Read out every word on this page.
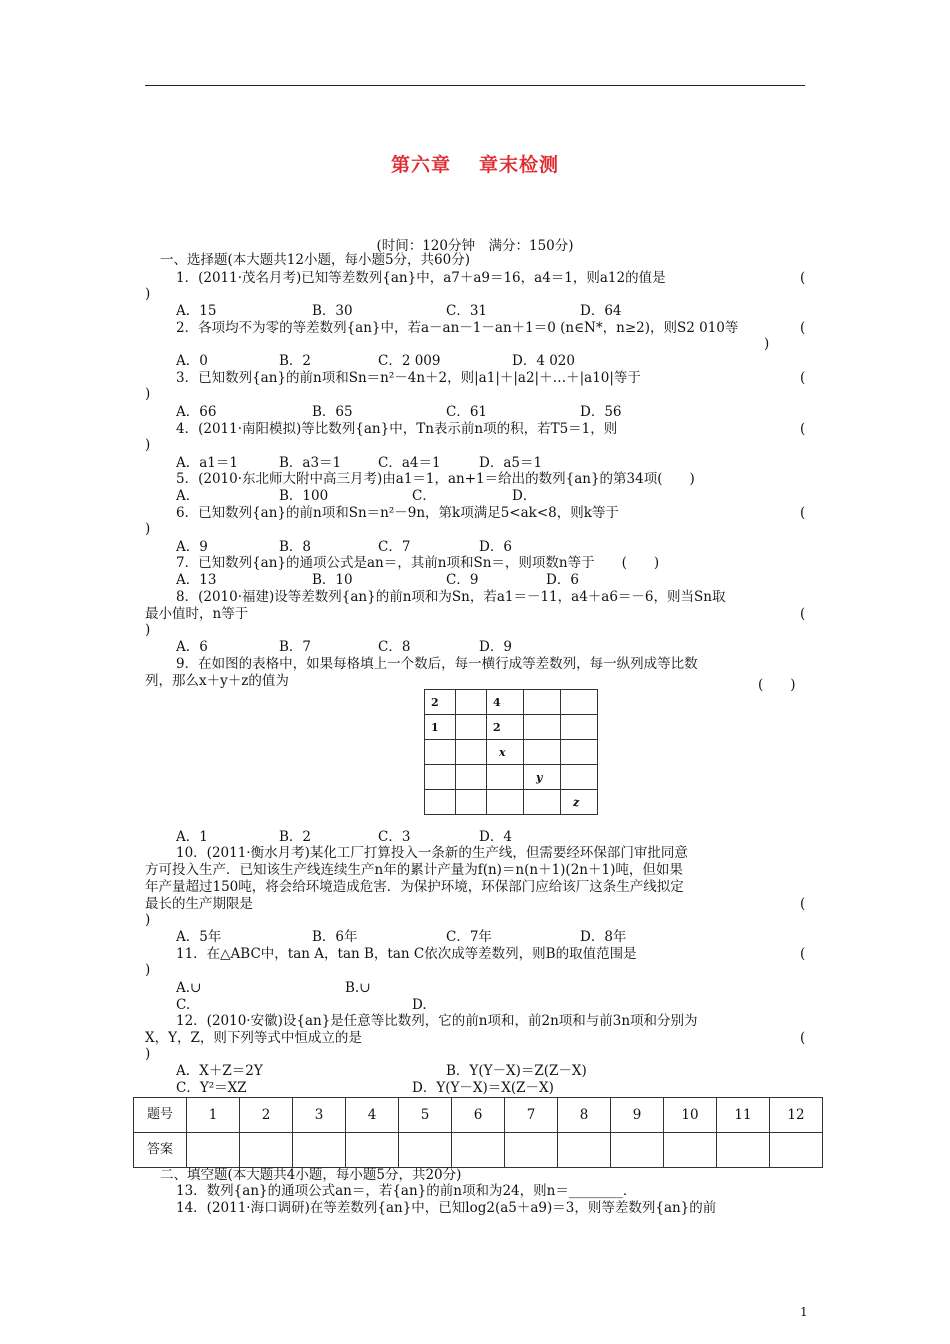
第六章 章末检测
(时间：120分钟　满分：150分)
一、选择题(本大题共12小题，每小题5分，共60分)
1．(2011·茂名月考)已知等差数列{an}中，a7＋a9＝16，a4＝1，则a12的值是	(
)
A．15	B．30	C．31	D．64
2．各项均不为零的等差数列{an}中，若a－an－1－an＋1＝0 (n∈N*，n≥2)，则S2 010等	(
)
A．0	B．2	C．2 009	D．4 020
3．已知数列{an}的前n项和Sn＝n²－4n＋2，则|a1|＋|a2|＋…＋|a10|等于	(
)
A．66	B．65	C．61	D．56
4．(2011·南阳模拟)等比数列{an}中，Tn表示前n项的积，若T5＝1，则	(
)
A．a1＝1	B．a3＝1	C．a4＝1	D．a5＝1
5．(2010·东北师大附中高三月考)由a1＝1，an+1＝给出的数列{an}的第34项(　　)
A．	B．100	C．	D．
6．已知数列{an}的前n项和Sn＝n²－9n，第k项满足5<ak<8，则k等于	(
)
A．9	B．8	C．7	D．6
7．已知数列{an}的通项公式是an＝，其前n项和Sn＝，则项数n等于　　(　　)
A．13	B．10	C．9	D．6
8．(2010·福建)设等差数列{an}的前n项和为Sn，若a1＝－11，a4＋a6＝－6，则当Sn取
最小值时，n等于	(
)
A．6	B．7	C．8	D．9
9．在如图的表格中，如果每格填上一个数后，每一横行成等差数列，每一纵列成等比数
列，那么x＋y＋z的值为	(　　)
2		4		
1		2		
		x		
			y	
				z
A．1	B．2	C．3	D．4
10．(2011·衡水月考)某化工厂打算投入一条新的生产线，但需要经环保部门审批同意
方可投入生产．已知该生产线连续生产n年的累计产量为f(n)＝n(n＋1)(2n＋1)吨，但如果
年产量超过150吨，将会给环境造成危害．为保护环境，环保部门应给该厂这条生产线拟定
最长的生产期限是	(
)
A．5年	B．6年	C．7年	D．8年
11．在△ABC中，tan A，tan B，tan C依次成等差数列，则B的取值范围是	(
)
A.∪	B.∪
C.	D.
12．(2010·安徽)设{an}是任意等比数列，它的前n项和，前2n项和与前3n项和分别为
X，Y，Z，则下列等式中恒成立的是	(
)
A．X＋Z＝2Y	B．Y(Y－X)＝Z(Z－X)
C．Y²＝XZ	D．Y(Y－X)＝X(Z－X)
题号	1	2	3	4	5	6	7	8	9	10	11	12
答案												
二、填空题(本大题共4小题，每小题5分，共20分)
13．数列{an}的通项公式an＝，若{an}的前n项和为24，则n＝________．
14．(2011·海口调研)在等差数列{an}中，已知log2(a5＋a9)＝3，则等差数列{an}的前
1
